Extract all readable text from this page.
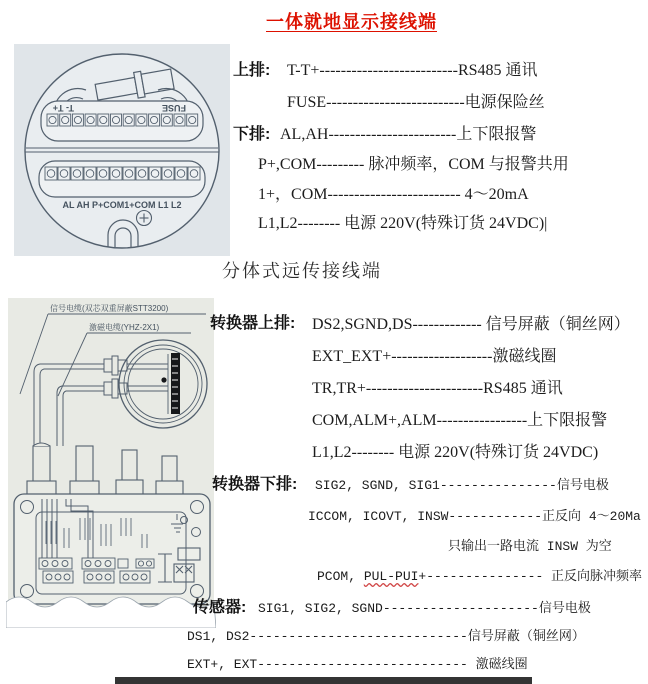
一体就地显示接线端
T- T+	FUSE
AL AH P+COM1+COM L1 L2
上排: T-T+--------------------------RS485 通讯
FUSE--------------------------电源保险丝
下排: AL,AH------------------------上下限报警
P+,COM--------- 脉冲频率，COM 与报警共用
1+，COM------------------------- 4～20mA
L1,L2-------- 电源 220V(特殊订货 24VDC)|
分体式远传接线端
信号电缆(双芯双重屏蔽STT3200)
激磁电缆(YHZ-2X1)	转换器上排: DS2,SGND,DS------------- 信号屏蔽（铜丝网）
EXT_EXT+-------------------激磁线圈
TR,TR+----------------------RS485 通讯
COM,ALM+,ALM-----------------上下限报警
L1,L2-------- 电源 220V(特殊订货 24VDC)
转换器下排: SIG2, SGND, SIG1---------------信号电极
ICCOM, ICOVT, INSW------------正反向 4～20Ma
只输出一路电流 INSW 为空
PCOM, PUL-PUI+--------------- 正反向脉冲频率
传感器: SIG1, SIG2, SGND--------------------信号电极
DS1, DS2----------------------------信号屏蔽（铜丝网）
EXT+, EXT--------------------------- 激磁线圈
